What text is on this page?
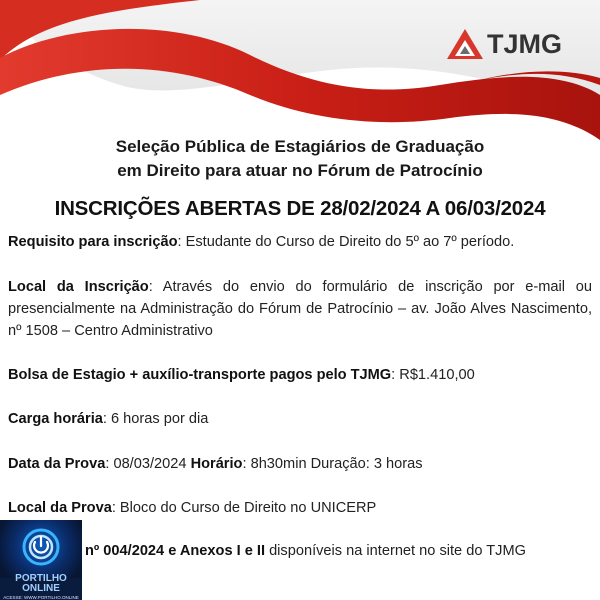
TJMG
Seleção Pública de Estagiários de Graduação
em Direito para atuar no Fórum de Patrocínio
INSCRIÇÕES ABERTAS DE 28/02/2024 A 06/03/2024
Requisito para inscrição: Estudante do Curso de Direito do 5º ao 7º período.
Local da Inscrição: Através do envio do formulário de inscrição por e-mail ou presencialmente na Administração do Fórum de Patrocínio – av. João Alves Nascimento, nº 1508 – Centro Administrativo
Bolsa de Estagio + auxílio-transporte pagos pelo TJMG: R$1.410,00
Carga horária: 6 horas por dia
Data da Prova: 08/03/2024 Horário: 8h30min Duração: 3 horas
Local da Prova: Bloco do Curso de Direito no UNICERP
nº 004/2024 e Anexos I e II disponíveis na internet no site do TJMG
PORTILHO
ONLINE
ACESSE: WWW.PORTILHO.ONLINE
